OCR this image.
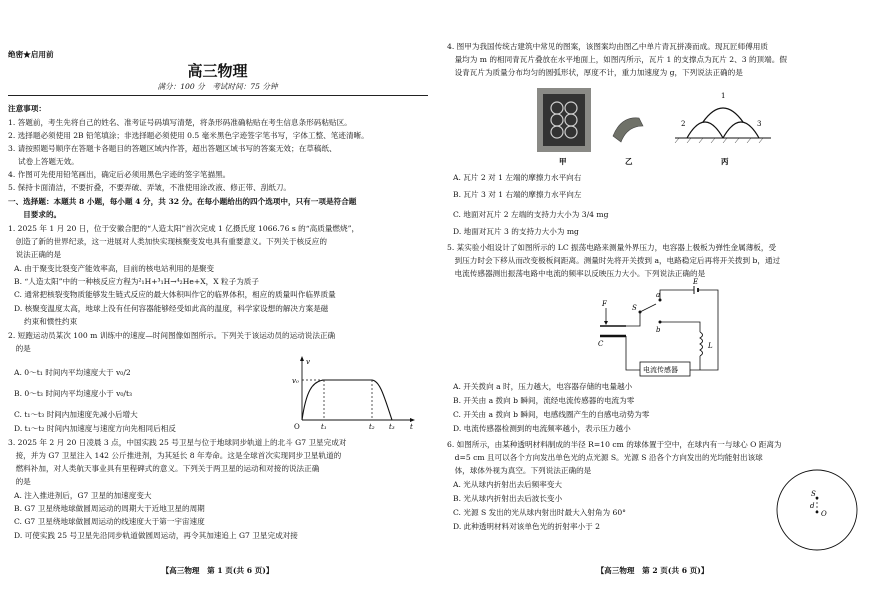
绝密★启用前
高三物理
满分：100 分　考试时间：75 分钟
注意事项：
1. 答题前，考生先将自己的姓名、准考证号码填写清楚，将条形码准确粘贴在考生信息条形码粘贴区。
2. 选择题必须使用 2B 铅笔填涂；非选择题必须使用 0.5 毫米黑色字迹签字笔书写，字体工整、笔迹清晰。
3. 请按照题号顺序在答题卡各题目的答题区域内作答，超出答题区域书写的答案无效；在草稿纸、
　 试卷上答题无效。
4. 作图可先使用铅笔画出，确定后必须用黑色字迹的签字笔描黑。
5. 保持卡面清洁，不要折叠，不要弄破、弄皱，不准使用涂改液、修正带、刮纸刀。
一、选择题：本题共 8 小题，每小题 4 分，共 32 分。在每小题给出的四个选项中，只有一项是符合题
　　目要求的。
1. 2025 年 1 月 20 日，位于安徽合肥的“人造太阳”首次完成 1 亿摄氏度 1066.76 s 的“高质量燃烧”，
　创造了新的世界纪录，这一进展对人类加快实现核聚变发电具有重要意义。下列关于核反应的
　说法正确的是
A. 由于聚变比裂变产能效率高，目前的核电站利用的是聚变
B. “人造太阳”中的一种核反应方程为²₁H+³₁H→⁴₂He+X，X 粒子为质子
C. 通常把核裂变物质能够发生链式反应的最大体积叫作它的临界体积，相应的质量叫作临界质量
D. 核聚变温度太高，地球上没有任何容器能够经受如此高的温度，科学家设想的解决方案是磁
　 约束和惯性约束
2. 短跑运动员某次 100 m 训练中的速度—时间图像如图所示。下列关于该运动员的运动说法正确
　的是
A. 0～t₁ 时间内平均速度大于 v₀/2
B. 0～t₃ 时间内平均速度小于 v₀/t₃
C. t₁～t₃ 时间内加速度先减小后增大
D. t₁～t₂ 时间内加速度与速度方向先相同后相反
v
v₀
O	t
t₁	t₂ t₃
3. 2025 年 2 月 20 日凌晨 3 点，中国实践 25 号卫星与位于地球同步轨道上的北斗 G7 卫星完成对
　接，并为 G7 卫星注入 142 公斤推进剂，为其延长 8 年寿命。这是全球首次实现同步卫星轨道的
　燃料补加，对人类航天事业具有里程碑式的意义。下列关于两卫星的运动和对接的说法正确
　的是
A. 注入推进剂后，G7 卫星的加速度变大
B. G7 卫星绕地球做圆周运动的周期大于近地卫星的周期
C. G7 卫星绕地球做圆周运动的线速度大于第一宇宙速度
D. 可使实践 25 号卫星先沿同步轨道做圆周运动，再令其加速追上 G7 卫星完成对接
【高三物理　第 1 页(共 6 页)】
4. 图甲为我国传统古建筑中常见的图案，该图案均由图乙中单片青瓦拼凑而成。现瓦匠师傅用质
　量均为 m 的相同青瓦片叠放在水平地面上，如图丙所示，瓦片 1 的支撑点为瓦片 2、3 的顶端。假
　设青瓦片为质量分布均匀的圆弧形状，厚度不计，重力加速度为 g，下列说法正确的是
1
2	3
甲	乙	丙
A. 瓦片 2 对 1 左端的摩擦力水平向右
B. 瓦片 3 对 1 右端的摩擦力水平向左
C. 地面对瓦片 2 左端的支持力大小为 3/4 mg
D. 地面对瓦片 3 的支持力大小为 mg
5. 某实验小组设计了如图所示的 LC 振荡电路来测量外界压力，电容器上极板为弹性金属薄板，受
　到压力时会下移从而改变极板间距离。测量时先将开关拨到 a，电路稳定后再将开关拨到 b，通过
　电流传感器测出振荡电路中电流的频率以反映压力大小。下列说法正确的是
F
C
a
b
S
E
L
电流传感器
A. 开关拨向 a 时，压力越大，电容器存储的电量越小
B. 开关由 a 拨向 b 瞬间，流经电流传感器的电流为零
C. 开关由 a 拨向 b 瞬间，电感线圈产生的自感电动势为零
D. 电流传感器检测到的电流频率越小，表示压力越小
6. 如图所示，由某种透明材料制成的半径 R=10 cm 的球体置于空中，在球内有一与球心 O 距离为
　d=5 cm 且可以各个方向发出单色光的点光源 S。光源 S 沿各个方向发出的光均能射出该球
　体，球体外视为真空。下列说法正确的是
A. 光从球内折射出去后频率变大
B. 光从球内折射出去后波长变小
C. 光源 S 发出的光从球内射出时最大入射角为 60°
D. 此种透明材料对该单色光的折射率小于 2
S
d
O
【高三物理　第 2 页(共 6 页)】
